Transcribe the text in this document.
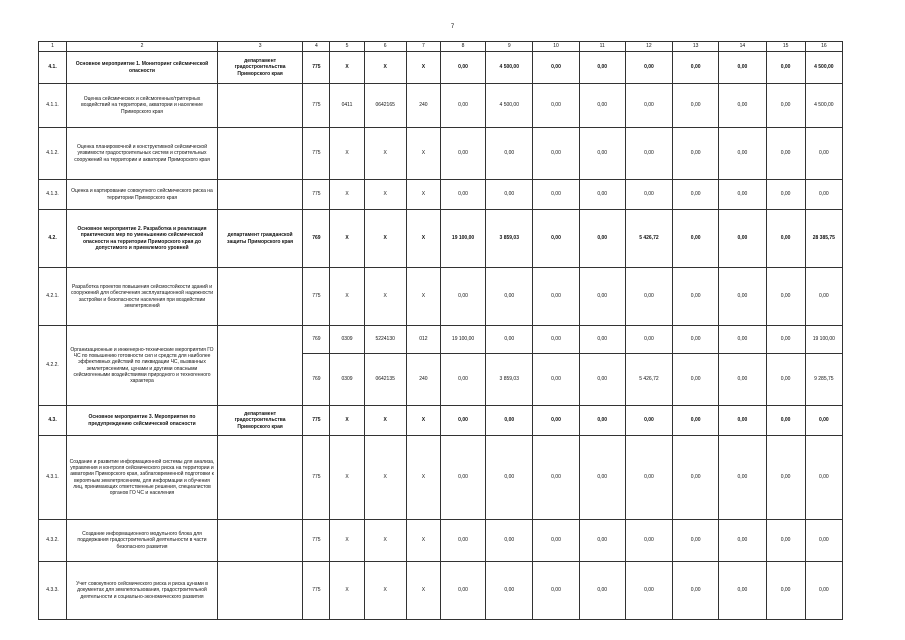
7
1	2	3	4	5	6	7	8	9	10	11	12	13	14	15	16
4.1.	Основное мероприятие 1. Мониторинг сейсмической опасности	департамент градостроительства Приморского края	775	X	X	X	0,00	4 500,00	0,00	0,00	0,00	0,00	0,00	0,00	4 500,00
4.1.1.	Оценка сейсмических и сейсмогенных/триггерных воздействий на территорию, акватории и население Приморского края		775	0411	0642165	240	0,00	4 500,00	0,00	0,00	0,00	0,00	0,00	0,00	4 500,00
4.1.2.	Оценка планировочной и конструктивной сейсмической уязвимости градостроительных систем и строительных сооружений на территории и акватории Приморского края		775	X	X	X	0,00	0,00	0,00	0,00	0,00	0,00	0,00	0,00	0,00
4.1.3.	Оценка и картирование совокупного сейсмического риска на территории Приморского края		775	X	X	X	0,00	0,00	0,00	0,00	0,00	0,00	0,00	0,00	0,00
4.2.	Основное мероприятие 2. Разработка и реализация практических мер по уменьшению сейсмической опасности на территории Приморского края до допустимого и приемлемого уровней	департамент гражданской защиты Приморского края	769	X	X	X	19 100,00	3 859,03	0,00	0,00	5 426,72	0,00	0,00	0,00	28 385,75
4.2.1.	Разработка проектов повышения сейсмостойкости зданий и сооружений для обеспечения эксплуатационной надежности застройки и безопасности населения при воздействии землетрясений		775	X	X	X	0,00	0,00	0,00	0,00	0,00	0,00	0,00	0,00	0,00
4.2.2.	Организационные и инженерно-технические мероприятия ГО ЧС по повышению готовности сил и средств для наиболее эффективных действий по ликвидации ЧС, вызванных землетрясениями, цунами и другими опасными сейсмогенными воздействиями природного и техногенного характера		769	0309	5224130	012	19 100,00	0,00	0,00	0,00	0,00	0,00	0,00	0,00	19 100,00
			769	0309	0642135	240	0,00	3 859,03	0,00	0,00	5 426,72	0,00	0,00	0,00	9 285,75
4.3.	Основное мероприятие 3. Мероприятия по предупреждению сейсмической опасности	департамент градостроительства Приморского края	775	X	X	X	0,00	0,00	0,00	0,00	0,00	0,00	0,00	0,00	0,00
4.3.1.	Создание и развитие информационной системы для анализа, управления и контроля сейсмического риска на территории и акватории Приморского края, заблаговременной подготовки к вероятным землетрясениям, для информации и обучения лиц, принимающих ответственные решения, специалистов органов ГО ЧС и населения		775	X	X	X	0,00	0,00	0,00	0,00	0,00	0,00	0,00	0,00	0,00
4.3.2.	Создание информационного модульного блока для поддержания градостроительной деятельности в части безопасного развития		775	X	X	X	0,00	0,00	0,00	0,00	0,00	0,00	0,00	0,00	0,00
4.3.3.	Учет совокупного сейсмического риска и риска цунами в документах для землепользования, градостроительной деятельности и социально-экономического развития		775	X	X	X	0,00	0,00	0,00	0,00	0,00	0,00	0,00	0,00	0,00
